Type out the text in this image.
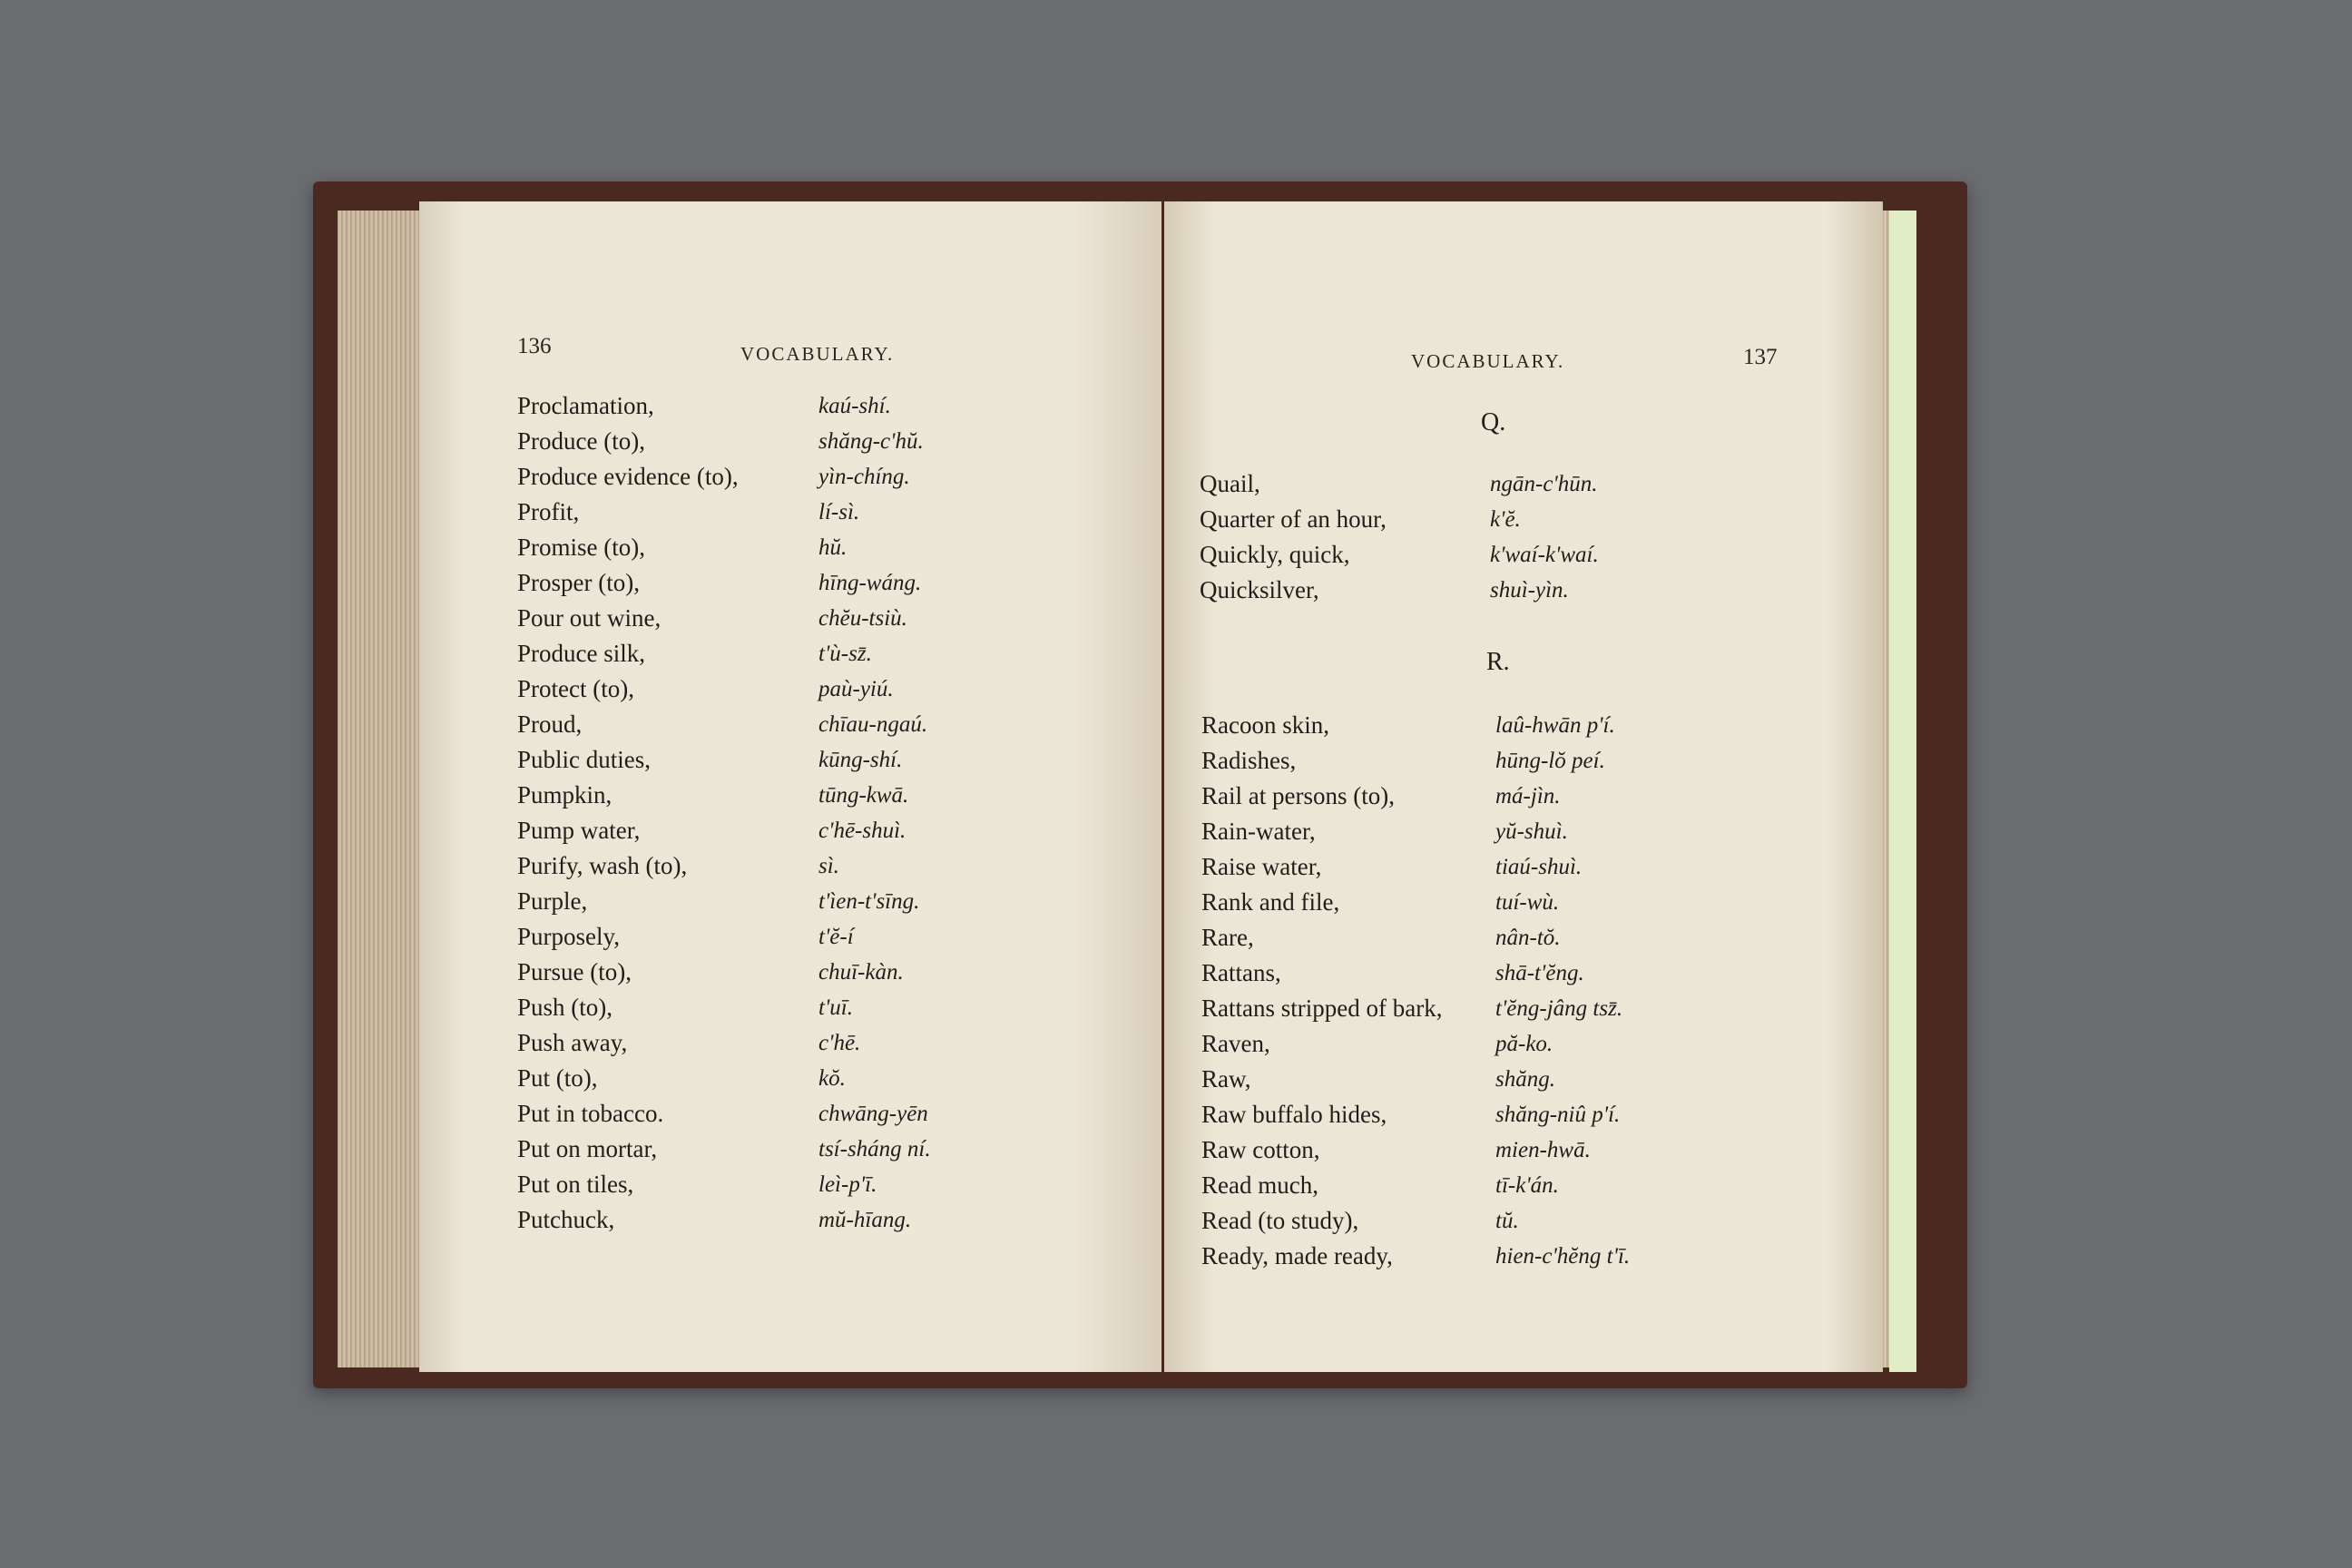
136	VOCABULARY.
Proclamation,	kaú-shí.
Produce (to),	shăng-c'hŭ.
Produce evidence (to),	yìn-chíng.
Profit,	lí-sì.
Promise (to),	hŭ.
Prosper (to),	hīng-wáng.
Pour out wine,	chĕu-tsiù.
Produce silk,	t'ù-sz̄.
Protect (to),	paù-yiú.
Proud,	chīau-ngaú.
Public duties,	kūng-shí.
Pumpkin,	tūng-kwā.
Pump water,	c'hē-shuì.
Purify, wash (to),	sì.
Purple,	t'ìen-t'sīng.
Purposely,	t'ĕ-í
Pursue (to),	chuī-kàn.
Push (to),	t'uī.
Push away,	c'hē.
Put (to),	kŏ.
Put in tobacco.	chwāng-yēn
Put on mortar,	tsí-sháng ní.
Put on tiles,	leì-p'ī.
Putchuck,	mŭ-hīang.
VOCABULARY.	137
Q.
Quail,	ngān-c'hūn.
Quarter of an hour,	k'ĕ.
Quickly, quick,	k'waí-k'waí.
Quicksilver,	shuì-yìn.
R.
Racoon skin,	laû-hwān p'í.
Radishes,	hūng-lŏ peí.
Rail at persons (to),	má-jìn.
Rain-water,	yŭ-shuì.
Raise water,	tiaú-shuì.
Rank and file,	tuí-wù.
Rare,	nân-tŏ.
Rattans,	shā-t'ĕng.
Rattans stripped of bark, t'ĕng-jâng tsz̄.
Raven,	pă-ko.
Raw,	shăng.
Raw buffalo hides,	shăng-niû p'í.
Raw cotton,	mien-hwā.
Read much,	tī-k'án.
Read (to study),	tŭ.
Ready, made ready,	hien-c'hĕng t'ī.
